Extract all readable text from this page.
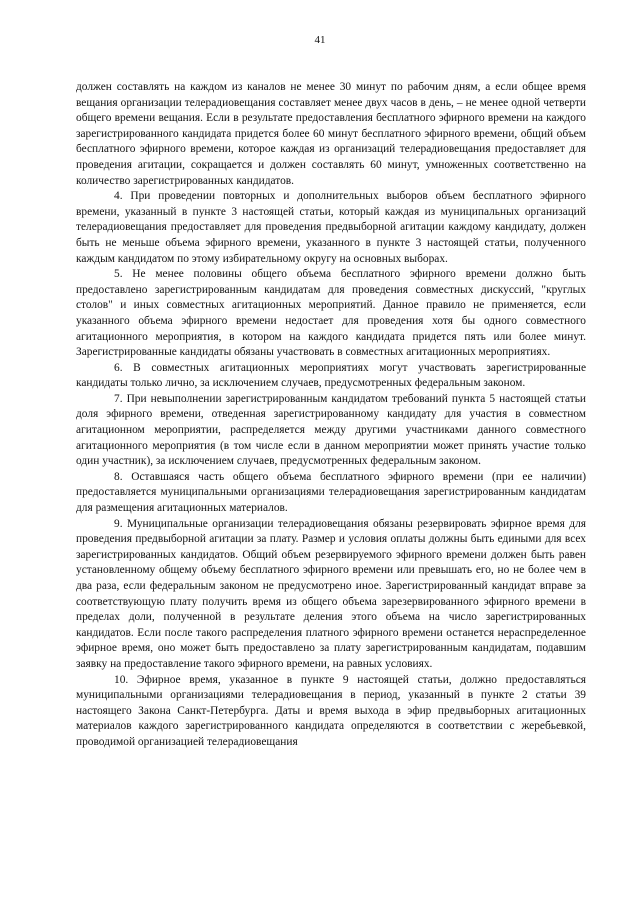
41

должен составлять на каждом из каналов не менее 30 минут по рабочим дням, а если общее время вещания организации телерадиовещания составляет менее двух часов в день, – не менее одной четверти общего времени вещания. Если в результате предоставления бесплатного эфирного времени на каждого зарегистрированного кандидата придется более 60 минут бесплатного эфирного времени, общий объем бесплатного эфирного времени, которое каждая из организаций телерадиовещания предоставляет для проведения агитации, сокращается и должен составлять 60 минут, умноженных соответственно на количество зарегистрированных кандидатов.

4. При проведении повторных и дополнительных выборов объем бесплатного эфирного времени, указанный в пункте 3 настоящей статьи, который каждая из муниципальных организаций телерадиовещания предоставляет для проведения предвыборной агитации каждому кандидату, должен быть не меньше объема эфирного времени, указанного в пункте 3 настоящей статьи, полученного каждым кандидатом по этому избирательному округу на основных выборах.

5. Не менее половины общего объема бесплатного эфирного времени должно быть предоставлено зарегистрированным кандидатам для проведения совместных дискуссий, "круглых столов" и иных совместных агитационных мероприятий. Данное правило не применяется, если указанного объема эфирного времени недостает для проведения хотя бы одного совместного агитационного мероприятия, в котором на каждого кандидата придется пять или более минут. Зарегистрированные кандидаты обязаны участвовать в совместных агитационных мероприятиях.

6. В совместных агитационных мероприятиях могут участвовать зарегистрированные кандидаты только лично, за исключением случаев, предусмотренных федеральным законом.

7. При невыполнении зарегистрированным кандидатом требований пункта 5 настоящей статьи доля эфирного времени, отведенная зарегистрированному кандидату для участия в совместном агитационном мероприятии, распределяется между другими участниками данного совместного агитационного мероприятия (в том числе если в данном мероприятии может принять участие только один участник), за исключением случаев, предусмотренных федеральным законом.

8. Оставшаяся часть общего объема бесплатного эфирного времени (при ее наличии) предоставляется муниципальными организациями телерадиовещания зарегистрированным кандидатам для размещения агитационных материалов.

9. Муниципальные организации телерадиовещания обязаны резервировать эфирное время для проведения предвыборной агитации за плату. Размер и условия оплаты должны быть едиными для всех зарегистрированных кандидатов. Общий объем резервируемого эфирного времени должен быть равен установленному общему объему бесплатного эфирного времени или превышать его, но не более чем в два раза, если федеральным законом не предусмотрено иное. Зарегистрированный кандидат вправе за соответствующую плату получить время из общего объема зарезервированного эфирного времени в пределах доли, полученной в результате деления этого объема на число зарегистрированных кандидатов. Если после такого распределения платного эфирного времени останется нераспределенное эфирное время, оно может быть предоставлено за плату зарегистрированным кандидатам, подавшим заявку на предоставление такого эфирного времени, на равных условиях.

10. Эфирное время, указанное в пункте 9 настоящей статьи, должно предоставляться муниципальными организациями телерадиовещания в период, указанный в пункте 2 статьи 39 настоящего Закона Санкт-Петербурга. Даты и время выхода в эфир предвыборных агитационных материалов каждого зарегистрированного кандидата определяются в соответствии с жеребьевкой, проводимой организацией телерадиовещания
